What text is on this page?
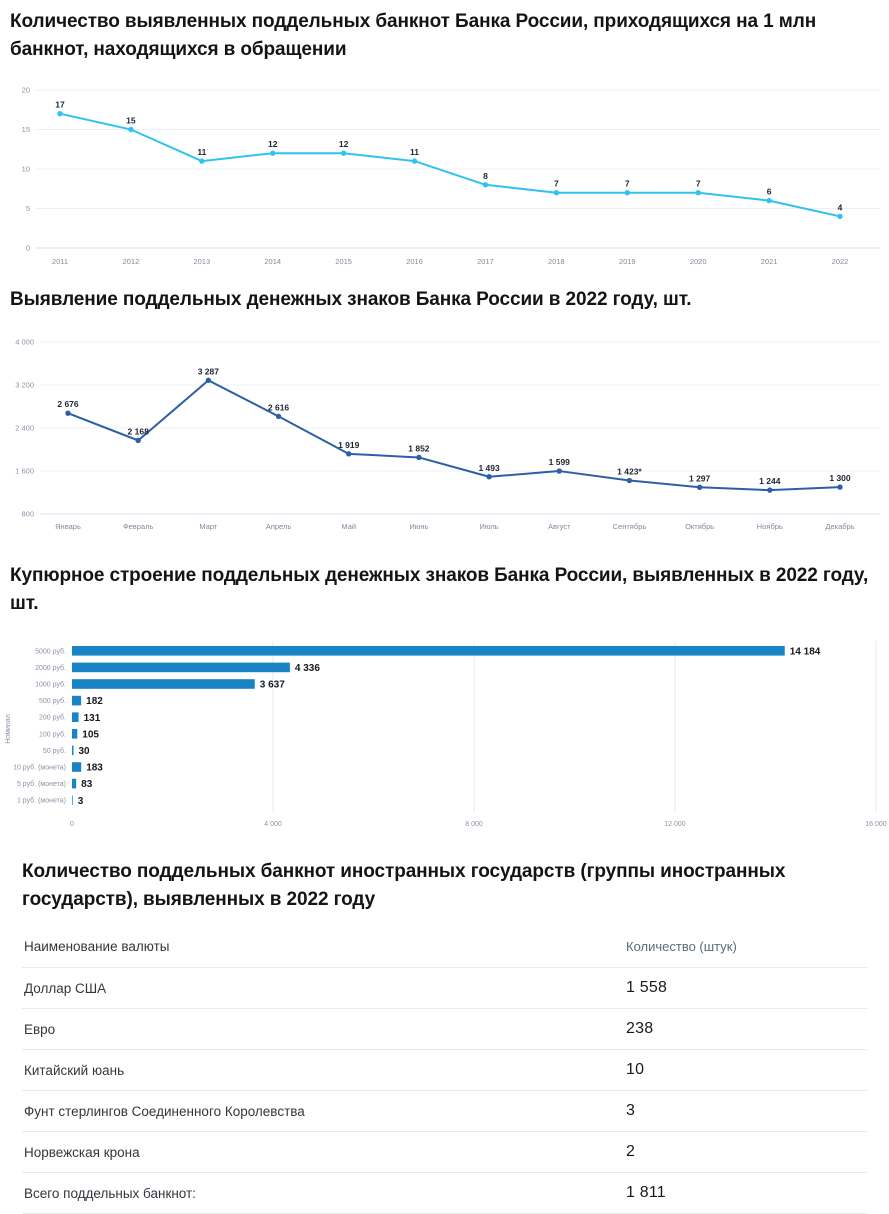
Количество выявленных поддельных банкнот Банка России, приходящихся на 1 млн банкнот, находящихся в обращении
0
5
10
15
20
17
2011
15
2012
11
2013
12
2014
12
2015
11
2016
8
2017
7
2018
7
2019
7
2020
6
2021
4
2022
Выявление поддельных денежных знаков Банка России в 2022 году, шт.
800
1 600
2 400
3 200
4 000
2 676
Январь
2 168
Февраль
3 287
Март
2 616
Апрель
1 919
Май
1 852
Июнь
1 493
Июль
1 599
Август
1 423*
Сентябрь
1 297
Октябрь
1 244
Ноябрь
1 300
Декабрь
Купюрное строение поддельных денежных знаков Банка России, выявленных в 2022 году, шт.
0	4 000	8 000	12 000	16 000
5000 руб.	14 184
2000 руб.	4 336
1000 руб.	3 637
500 руб. 182
200 руб. 131
100 руб. 105
50 руб. 30
10 руб. (монета) 183
5 руб. (монета) 83
1 руб. (монета) 3
Номинал
Количество поддельных банкнот иностранных государств (группы иностранных государств), выявленных в 2022 году
Наименование валюты	Количество (штук)
Доллар США	1 558
Евро	238
Китайский юань	10
Фунт стерлингов Соединенного Королевства	3
Норвежская крона	2
Всего поддельных банкнот:	1 811
